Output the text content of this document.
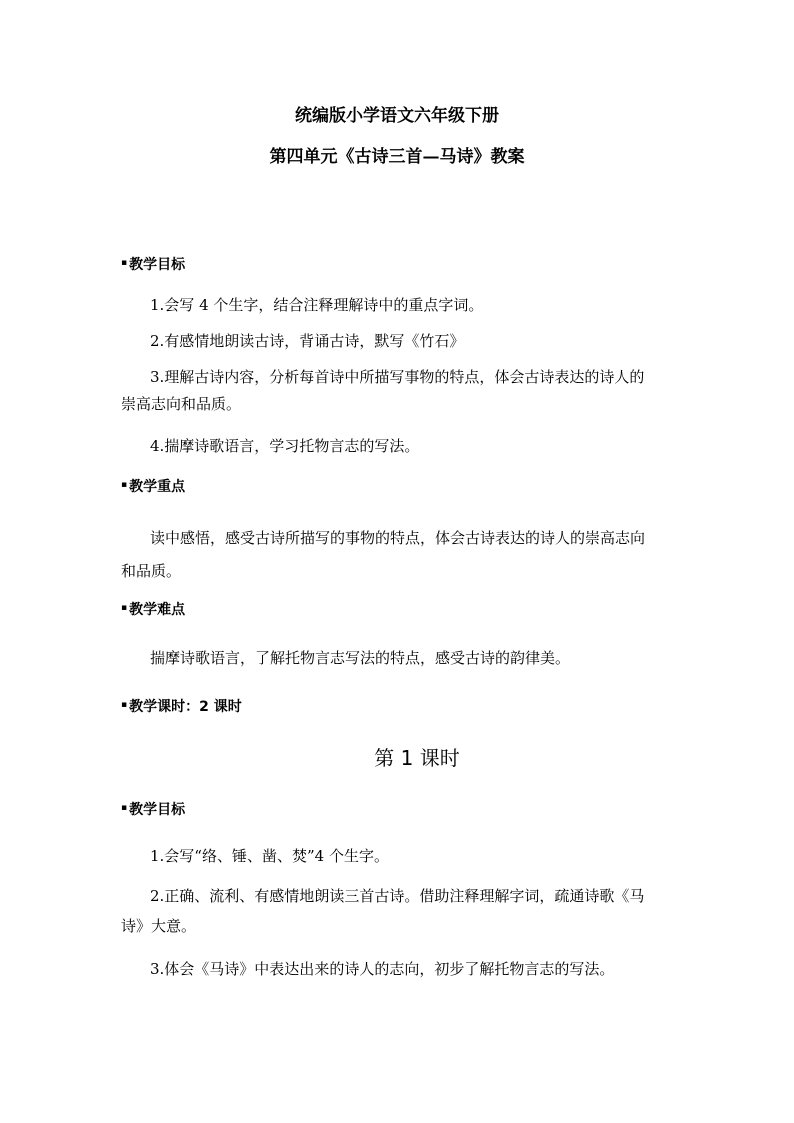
统编版小学语文六年级下册
第四单元《古诗三首—马诗》教案
▪ 教学目标
1.会写 4 个生字，结合注释理解诗中的重点字词。
2.有感情地朗读古诗，背诵古诗，默写《竹石》
3.理解古诗内容，分析每首诗中所描写事物的特点，体会古诗表达的诗人的
崇高志向和品质。
4.揣摩诗歌语言，学习托物言志的写法。
▪ 教学重点
读中感悟，感受古诗所描写的事物的特点，体会古诗表达的诗人的崇高志向
和品质。
▪ 教学难点
揣摩诗歌语言，了解托物言志写法的特点，感受古诗的韵律美。
▪ 教学课时：2 课时
第 1 课时
▪ 教学目标
1.会写“络、锤、凿、焚”4 个生字。
2.正确、流利、有感情地朗读三首古诗。借助注释理解字词，疏通诗歌《马
诗》大意。
3.体会《马诗》中表达出来的诗人的志向，初步了解托物言志的写法。
